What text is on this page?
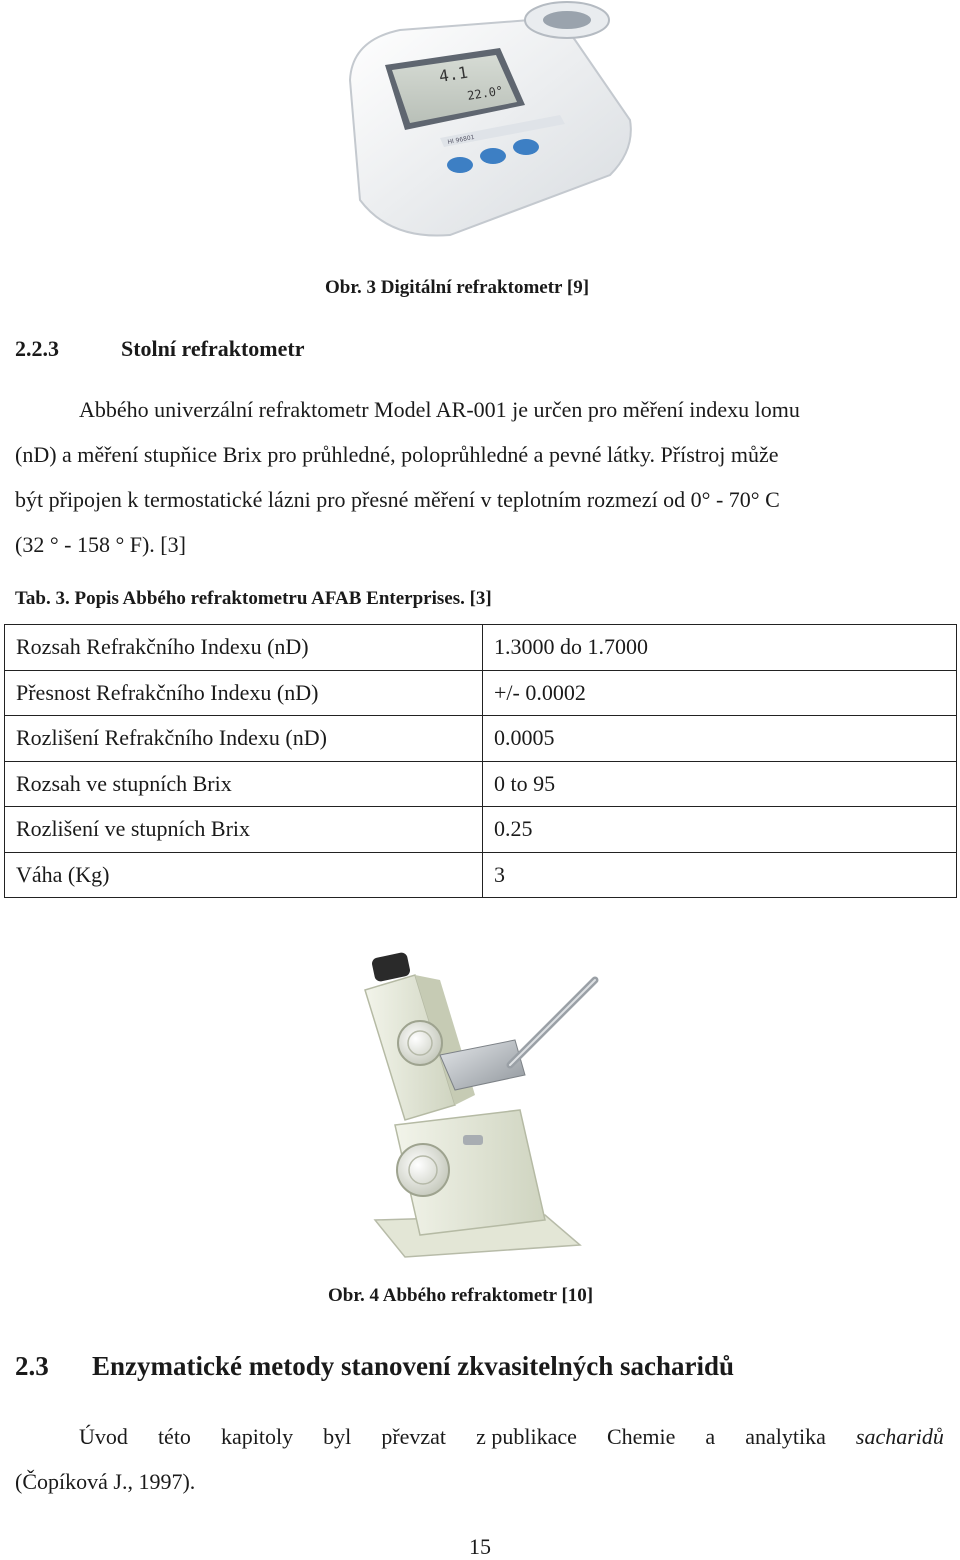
4.1
22.0°
HI 96801
Obr. 3 Digitální refraktometr [9]
2.2.3	Stolní refraktometr
Abbého univerzální refraktometr Model AR-001 je určen pro měření indexu lomu
(nD) a měření stupňice Brix pro průhledné, poloprůhledné a pevné látky. Přístroj může
být připojen k termostatické lázni pro přesné měření v teplotním rozmezí od 0° - 70° C
(32 ° - 158 ° F). [3]
Tab. 3. Popis Abbého refraktometru AFAB Enterprises. [3]
Rozsah Refrakčního Indexu (nD)	1.3000 do 1.7000
Přesnost Refrakčního Indexu (nD)	+/- 0.0002
Rozlišení Refrakčního Indexu (nD)	0.0005
Rozsah ve stupních Brix	0 to 95
Rozlišení ve stupních Brix	0.25
Váha (Kg)	3
Obr. 4 Abbého refraktometr [10]
2.3 Enzymatické metody stanovení zkvasitelných sacharidů
Úvod této kapitoly byl převzat z publikace Chemie a analytika sacharidů
(Čopíková J., 1997).
15
